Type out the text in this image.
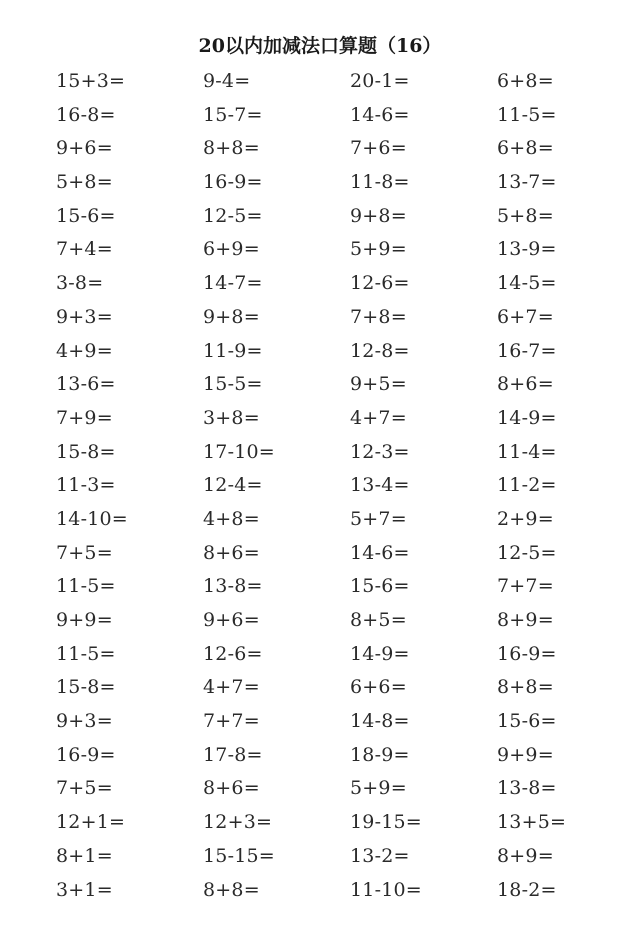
20以内加减法口算题（16）
15+3=	9-4=	20-1=	6+8=
16-8=	15-7=	14-6=	11-5=
9+6=	8+8=	7+6=	6+8=
5+8=	16-9=	11-8=	13-7=
15-6=	12-5=	9+8=	5+8=
7+4=	6+9=	5+9=	13-9=
3-8=	14-7=	12-6=	14-5=
9+3=	9+8=	7+8=	6+7=
4+9=	11-9=	12-8=	16-7=
13-6=	15-5=	9+5=	8+6=
7+9=	3+8=	4+7=	14-9=
15-8=	17-10=	12-3=	11-4=
11-3=	12-4=	13-4=	11-2=
14-10=	4+8=	5+7=	2+9=
7+5=	8+6=	14-6=	12-5=
11-5=	13-8=	15-6=	7+7=
9+9=	9+6=	8+5=	8+9=
11-5=	12-6=	14-9=	16-9=
15-8=	4+7=	6+6=	8+8=
9+3=	7+7=	14-8=	15-6=
16-9=	17-8=	18-9=	9+9=
7+5=	8+6=	5+9=	13-8=
12+1=	12+3=	19-15=	13+5=
8+1=	15-15=	13-2=	8+9=
3+1=	8+8=	11-10=	18-2=
